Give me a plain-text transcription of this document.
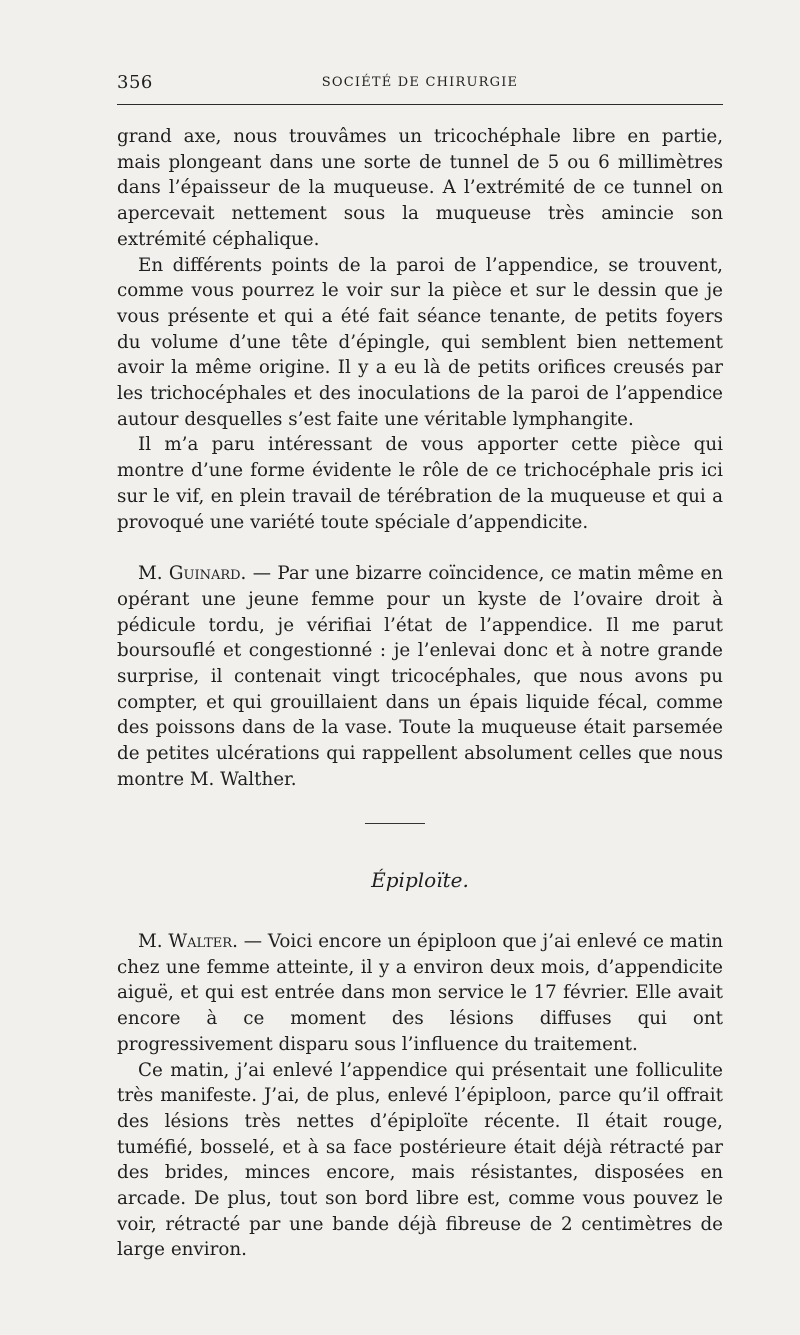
356	SOCIÉTÉ DE CHIRURGIE

grand axe, nous trouvâmes un tricochéphale libre en partie, mais plongeant dans une sorte de tunnel de 5 ou 6 millimètres dans l’épaisseur de la muqueuse. A l’extrémité de ce tunnel on apercevait nettement sous la muqueuse très amincie son extrémité céphalique.

En différents points de la paroi de l’appendice, se trouvent, comme vous pourrez le voir sur la pièce et sur le dessin que je vous présente et qui a été fait séance tenante, de petits foyers du volume d’une tête d’épingle, qui semblent bien nettement avoir la même origine. Il y a eu là de petits orifices creusés par les trichocéphales et des inoculations de la paroi de l’appendice autour desquelles s’est faite une véritable lymphangite.

Il m’a paru intéressant de vous apporter cette pièce qui montre d’une forme évidente le rôle de ce trichocéphale pris ici sur le vif, en plein travail de térébration de la muqueuse et qui a provoqué une variété toute spéciale d’appendicite.

M. Guinard. — Par une bizarre coïncidence, ce matin même en opérant une jeune femme pour un kyste de l’ovaire droit à pédicule tordu, je vérifiai l’état de l’appendice. Il me parut boursouflé et congestionné : je l’enlevai donc et à notre grande surprise, il contenait vingt tricocéphales, que nous avons pu compter, et qui grouillaient dans un épais liquide fécal, comme des poissons dans de la vase. Toute la muqueuse était parsemée de petites ulcérations qui rappellent absolument celles que nous montre M. Walther.

Épiploïte.

M. Walter. — Voici encore un épiploon que j’ai enlevé ce matin chez une femme atteinte, il y a environ deux mois, d’appendicite aiguë, et qui est entrée dans mon service le 17 février. Elle avait encore à ce moment des lésions diffuses qui ont progressivement disparu sous l’influence du traitement.

Ce matin, j’ai enlevé l’appendice qui présentait une folliculite très manifeste. J’ai, de plus, enlevé l’épiploon, parce qu’il offrait des lésions très nettes d’épiploïte récente. Il était rouge, tuméfié, bosselé, et à sa face postérieure était déjà rétracté par des brides, minces encore, mais résistantes, disposées en arcade. De plus, tout son bord libre est, comme vous pouvez le voir, rétracté par une bande déjà fibreuse de 2 centimètres de large environ.
